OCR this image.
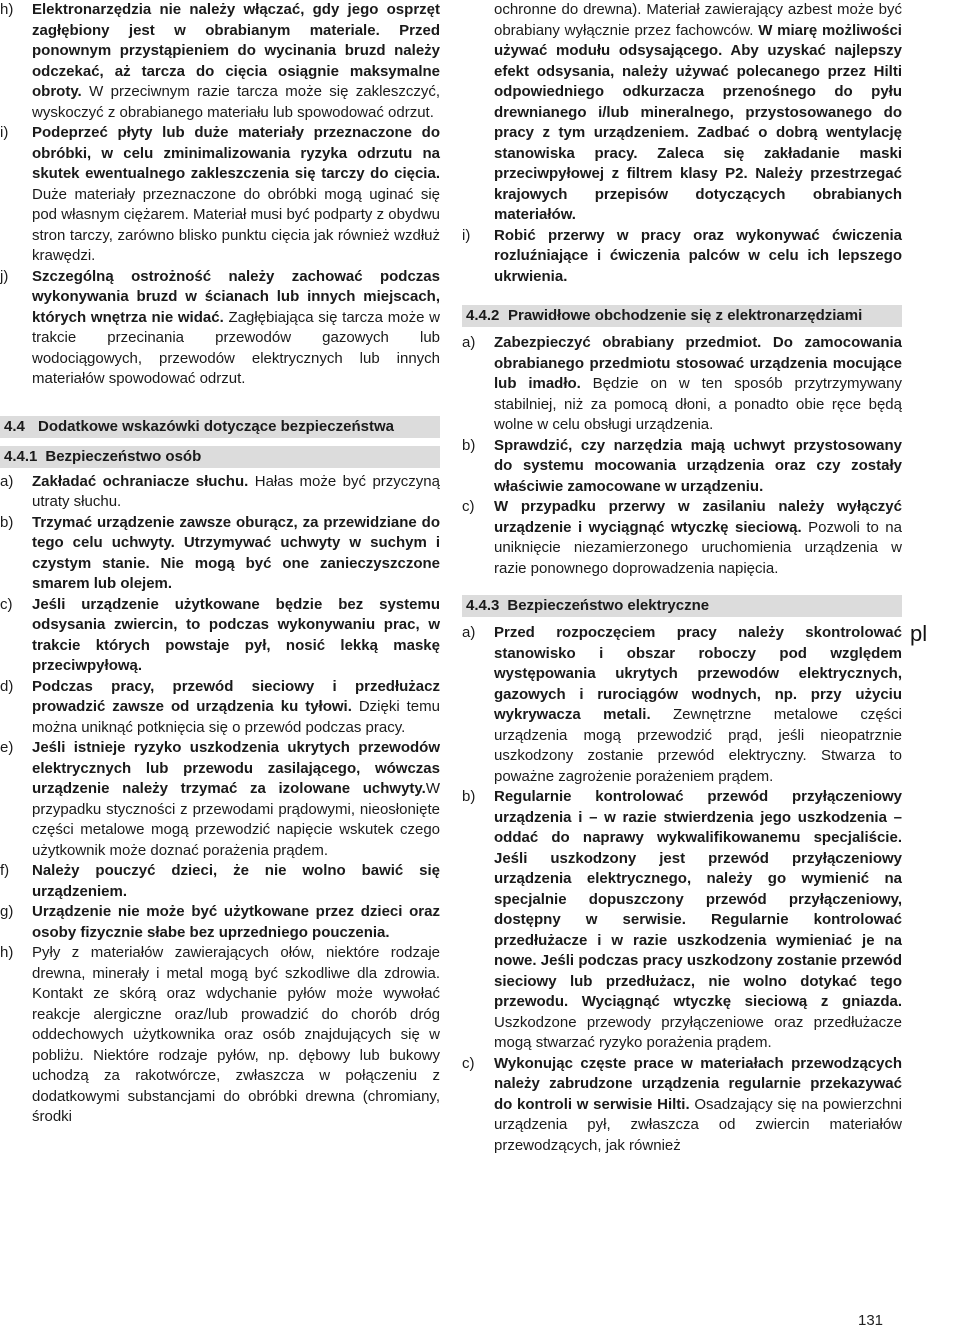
h)	Elektronarzędzia nie należy włączać, gdy jego osprzęt zagłębiony jest w obrabianym materiale. Przed ponownym przystąpieniem do wycinania bruzd należy odczekać, aż tarcza do cięcia osiągnie maksymalne obroty. W przeciwnym razie tarcza może się zakleszczyć, wyskoczyć z obrabianego materiału lub spowodować odrzut.
i)	Podeprzeć płyty lub duże materiały przeznaczone do obróbki, w celu zminimalizowania ryzyka odrzutu na skutek ewentualnego zakleszczenia się tarczy do cięcia. Duże materiały przeznaczone do obróbki mogą uginać się pod własnym ciężarem. Materiał musi być podparty z obydwu stron tarczy, zarówno blisko punktu cięcia jak również wzdłuż krawędzi.
j)	Szczególną ostrożność należy zachować podczas wykonywania bruzd w ścianach lub innych miejscach, których wnętrza nie widać. Zagłębiająca się tarcza może w trakcie przecinania przewodów gazowych lub wodociągowych, przewodów elektrycznych lub innych materiałów spowodować odrzut.
4.4 Dodatkowe wskazówki dotyczące bezpieczeństwa
4.4.1 Bezpieczeństwo osób
a)	Zakładać ochraniacze słuchu. Hałas może być przyczyną utraty słuchu.
b)	Trzymać urządzenie zawsze oburącz, za przewidziane do tego celu uchwyty. Utrzymywać uchwyty w suchym i czystym stanie. Nie mogą być one zanieczyszczone smarem lub olejem.
c)	Jeśli urządzenie użytkowane będzie bez systemu odsysania zwiercin, to podczas wykonywaniu prac, w trakcie których powstaje pył, nosić lekką maskę przeciwpyłową.
d)	Podczas pracy, przewód sieciowy i przedłużacz prowadzić zawsze od urządzenia ku tyłowi. Dzięki temu można uniknąć potknięcia się o przewód podczas pracy.
e)	Jeśli istnieje ryzyko uszkodzenia ukrytych przewodów elektrycznych lub przewodu zasilającego, wówczas urządzenie należy trzymać za izolowane uchwyty.W przypadku styczności z przewodami prądowymi, nieosłonięte części metalowe mogą przewodzić napięcie wskutek czego użytkownik może doznać porażenia prądem.
f)	Należy pouczyć dzieci, że nie wolno bawić się urządzeniem.
g)	Urządzenie nie może być użytkowane przez dzieci oraz osoby fizycznie słabe bez uprzedniego pouczenia.
h)	Pyły z materiałów zawierających ołów, niektóre rodzaje drewna, minerały i metal mogą być szkodliwe dla zdrowia. Kontakt ze skórą oraz wdychanie pyłów może wywołać reakcje alergiczne oraz/lub prowadzić do chorób dróg oddechowych użytkownika oraz osób znajdujących się w pobliżu. Niektóre rodzaje pyłów, np. dębowy lub bukowy uchodzą za rakotwórcze, zwłaszcza w połączeniu z dodatkowymi substancjami do obróbki drewna (chromiany, środki
ochronne do drewna). Materiał zawierający azbest może być obrabiany wyłącznie przez fachowców. W miarę możliwości używać modułu odsysającego. Aby uzyskać najlepszy efekt odsysania, należy używać polecanego przez Hilti odpowiedniego odkurzacza przenośnego do pyłu drewnianego i/lub mineralnego, przystosowanego do pracy z tym urządzeniem. Zadbać o dobrą wentylację stanowiska pracy. Zaleca się zakładanie maski przeciwpyłowej z filtrem klasy P2. Należy przestrzegać krajowych przepisów dotyczących obrabianych materiałów.
i)	Robić przerwy w pracy oraz wykonywać ćwiczenia rozluźniające i ćwiczenia palców w celu ich lepszego ukrwienia.
4.4.2 Prawidłowe obchodzenie się z elektronarzędziami
a)	Zabezpieczyć obrabiany przedmiot. Do zamocowania obrabianego przedmiotu stosować urządzenia mocujące lub imadło. Będzie on w ten sposób przytrzymywany stabilniej, niż za pomocą dłoni, a ponadto obie ręce będą wolne w celu obsługi urządzenia.
b)	Sprawdzić, czy narzędzia mają uchwyt przystosowany do systemu mocowania urządzenia oraz czy zostały właściwie zamocowane w urządzeniu.
c)	W przypadku przerwy w zasilaniu należy wyłączyć urządzenie i wyciągnąć wtyczkę sieciową. Pozwoli to na uniknięcie niezamierzonego uruchomienia urządzenia w razie ponownego doprowadzenia napięcia.
4.4.3 Bezpieczeństwo elektryczne
a)	Przed rozpoczęciem pracy należy skontrolować stanowisko i obszar roboczy pod względem występowania ukrytych przewodów elektrycznych, gazowych i rurociągów wodnych, np. przy użyciu wykrywacza metali. Zewnętrzne metalowe części urządzenia mogą przewodzić prąd, jeśli nieopatrznie uszkodzony zostanie przewód elektryczny. Stwarza to poważne zagrożenie porażeniem prądem.
b)	Regularnie kontrolować przewód przyłączeniowy urządzenia i – w razie stwierdzenia jego uszkodzenia – oddać do naprawy wykwalifikowanemu specjaliście. Jeśli uszkodzony jest przewód przyłączeniowy urządzenia elektrycznego, należy go wymienić na specjalnie dopuszczony przewód przyłączeniowy, dostępny w serwisie. Regularnie kontrolować przedłużacze i w razie uszkodzenia wymieniać je na nowe. Jeśli podczas pracy uszkodzony zostanie przewód sieciowy lub przedłużacz, nie wolno dotykać tego przewodu. Wyciągnąć wtyczkę sieciową z gniazda. Uszkodzone przewody przyłączeniowe oraz przedłużacze mogą stwarzać ryzyko porażenia prądem.
c)	Wykonując częste prace w materiałach przewodzących należy zabrudzone urządzenia regularnie przekazywać do kontroli w serwisie Hilti. Osadzający się na powierzchni urządzenia pył, zwłaszcza od zwiercin materiałów przewodzących, jak również
pl
131
